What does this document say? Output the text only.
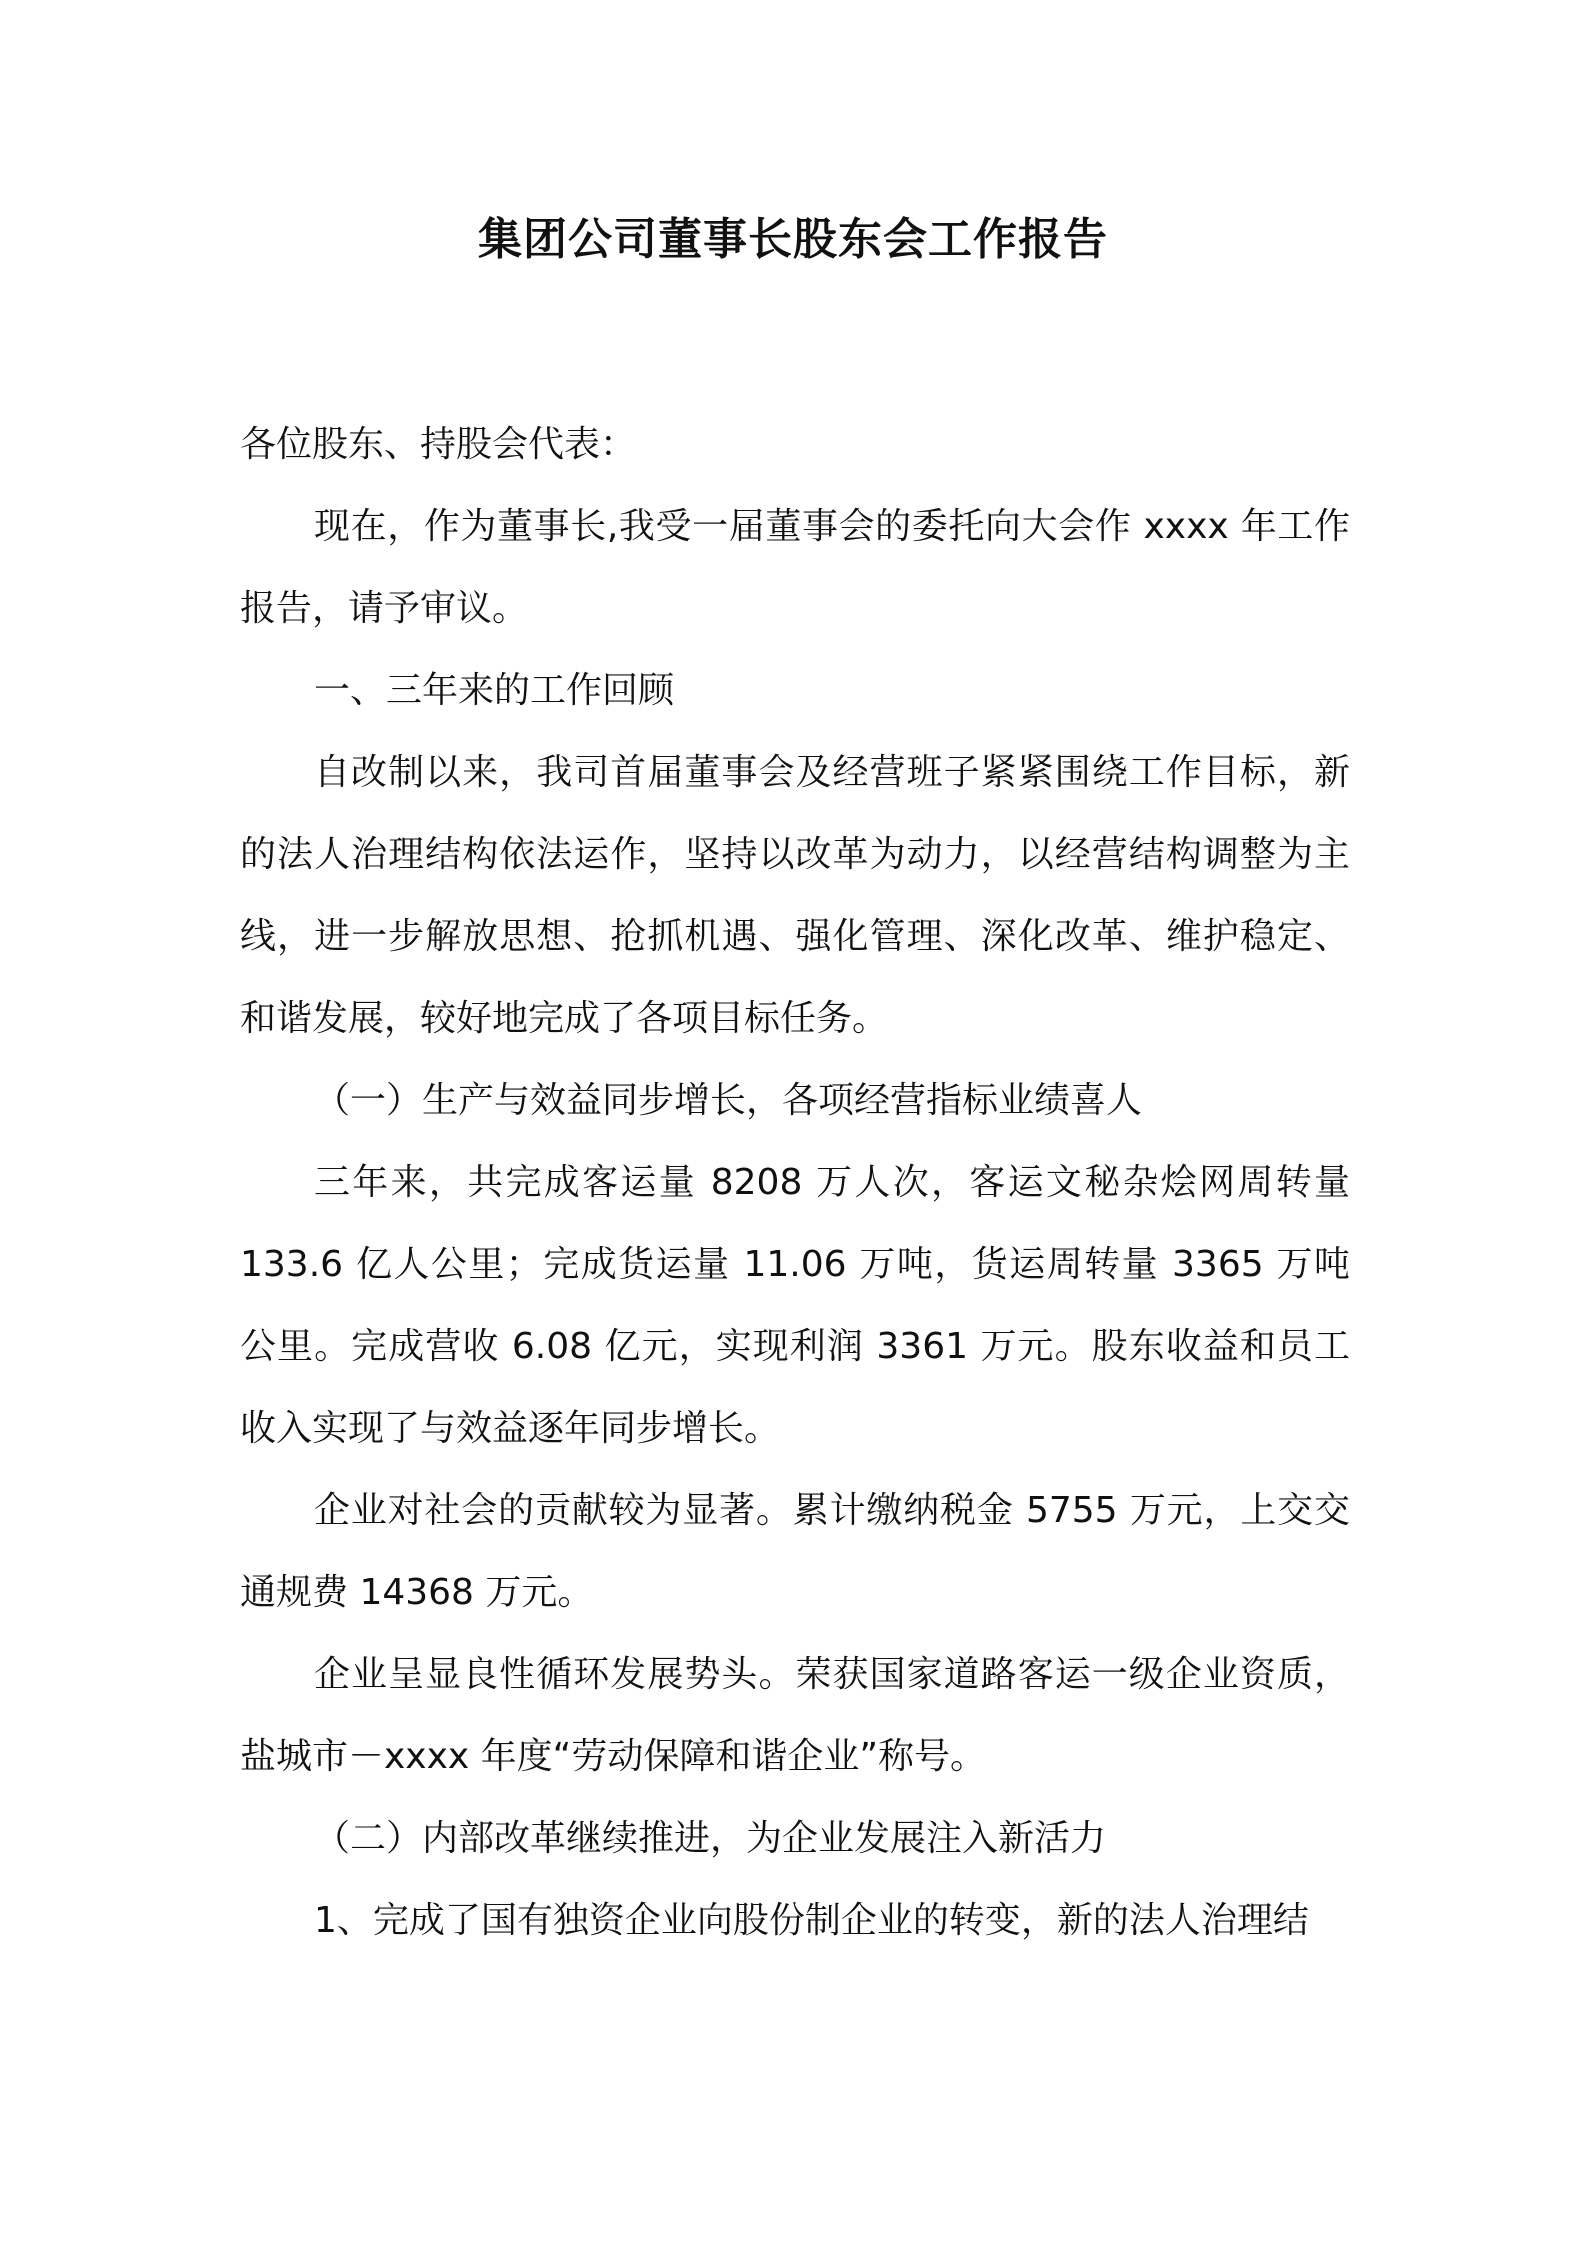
集团公司董事长股东会工作报告

各位股东、持股会代表：

现在，作为董事长,我受一届董事会的委托向大会作 xxxx 年工作报告，请予审议。

一、三年来的工作回顾

自改制以来，我司首届董事会及经营班子紧紧围绕工作目标，新的法人治理结构依法运作，坚持以改革为动力，以经营结构调整为主线，进一步解放思想、抢抓机遇、强化管理、深化改革、维护稳定、和谐发展，较好地完成了各项目标任务。

（一）生产与效益同步增长，各项经营指标业绩喜人

三年来，共完成客运量 8208 万人次，客运文秘杂烩网周转量 133.6 亿人公里；完成货运量 11.06 万吨，货运周转量 3365 万吨公里。完成营收 6.08 亿元，实现利润 3361 万元。股东收益和员工收入实现了与效益逐年同步增长。

企业对社会的贡献较为显著。累计缴纳税金 5755 万元，上交交通规费 14368 万元。

企业呈显良性循环发展势头。荣获国家道路客运一级企业资质，盐城市－xxxx 年度“劳动保障和谐企业”称号。

（二）内部改革继续推进，为企业发展注入新活力

1、完成了国有独资企业向股份制企业的转变，新的法人治理结
